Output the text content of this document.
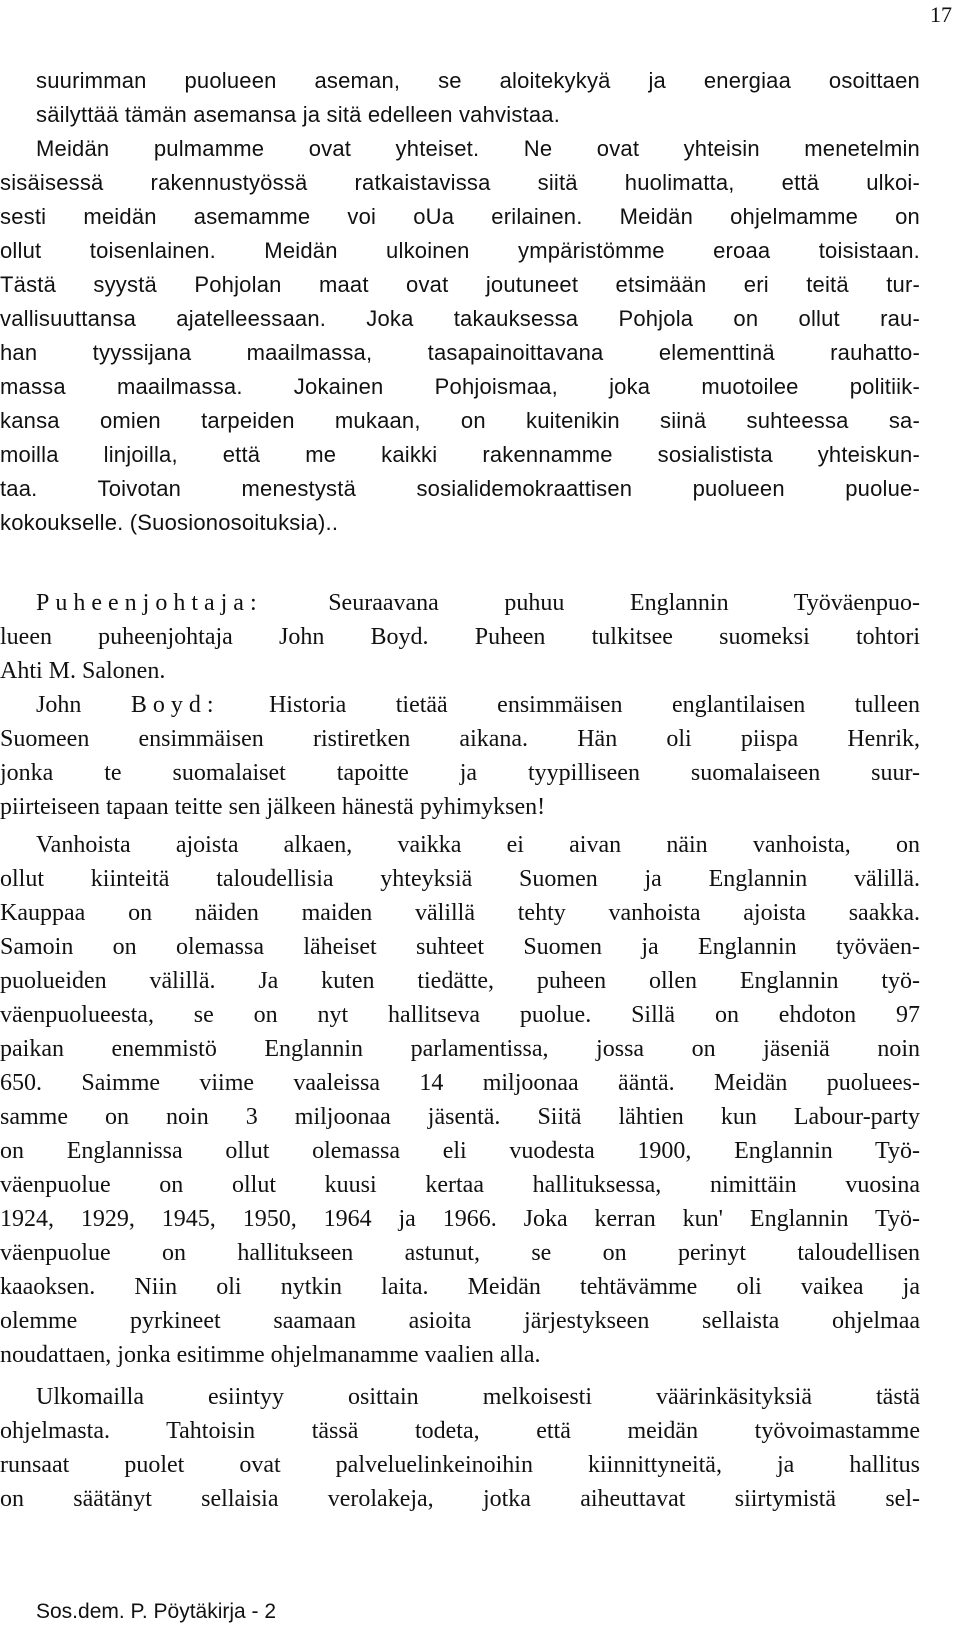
17
suurimman puolueen aseman, se aloitekykyä ja energiaa osoittaen
säilyttää tämän asemansa ja sitä edelleen vahvistaa.
Meidän pulmamme ovat yhteiset. Ne ovat yhteisin menetelmin
sisäisessä rakennustyössä ratkaistavissa siitä huolimatta, että ulkoi-
sesti meidän asemamme voi oUa erilainen. Meidän ohjelmamme on
ollut toisenlainen. Meidän ulkoinen ympäristömme eroaa toisistaan.
Tästä syystä Pohjolan maat ovat joutuneet etsimään eri teitä tur-
vallisuuttansa ajatelleessaan. Joka takauksessa Pohjola on ollut rau-
han tyyssijana maailmassa, tasapainoittavana elementtinä rauhatto-
massa maailmassa. Jokainen Pohjoismaa, joka muotoilee politiik-
kansa omien tarpeiden mukaan, on kuitenikin siinä suhteessa sa-
moilla linjoilla, että me kaikki rakennamme sosialistista yhteiskun-
taa. Toivotan menestystä sosialidemokraattisen puolueen puolue-
kokoukselle. (Suosionosoituksia)..
Puheenjohtaja: Seuraavana puhuu Englannin Työväenpuo-
lueen puheenjohtaja John Boyd. Puheen tulkitsee suomeksi tohtori
Ahti M. Salonen.
John Boyd: Historia tietää ensimmäisen englantilaisen tulleen
Suomeen ensimmäisen ristiretken aikana. Hän oli piispa Henrik,
jonka te suomalaiset tapoitte ja tyypilliseen suomalaiseen suur-
piirteiseen tapaan teitte sen jälkeen hänestä pyhimyksen!
Vanhoista ajoista alkaen, vaikka ei aivan näin vanhoista, on
ollut kiinteitä taloudellisia yhteyksiä Suomen ja Englannin välillä.
Kauppaa on näiden maiden välillä tehty vanhoista ajoista saakka.
Samoin on olemassa läheiset suhteet Suomen ja Englannin työväen-
puolueiden välillä. Ja kuten tiedätte, puheen ollen Englannin työ-
väenpuolueesta, se on nyt hallitseva puolue. Sillä on ehdoton 97
paikan enemmistö Englannin parlamentissa, jossa on jäseniä noin
650. Saimme viime vaaleissa 14 miljoonaa ääntä. Meidän puoluees-
samme on noin 3 miljoonaa jäsentä. Siitä lähtien kun Labour-party
on Englannissa ollut olemassa eli vuodesta 1900, Englannin Työ-
väenpuolue on ollut kuusi kertaa hallituksessa, nimittäin vuosina
1924, 1929, 1945, 1950, 1964 ja 1966. Joka kerran kun' Englannin Työ-
väenpuolue on hallitukseen astunut, se on perinyt taloudellisen
kaaoksen. Niin oli nytkin laita. Meidän tehtävämme oli vaikea ja
olemme pyrkineet saamaan asioita järjestykseen sellaista ohjelmaa
noudattaen, jonka esitimme ohjelmanamme vaalien alla.
Ulkomailla esiintyy osittain melkoisesti väärinkäsityksiä tästä
ohjelmasta. Tahtoisin tässä todeta, että meidän työvoimastamme
runsaat puolet ovat palveluelinkeinoihin kiinnittyneitä, ja hallitus
on säätänyt sellaisia verolakeja, jotka aiheuttavat siirtymistä sel-
Sos.dem. P. Pöytäkirja - 2
